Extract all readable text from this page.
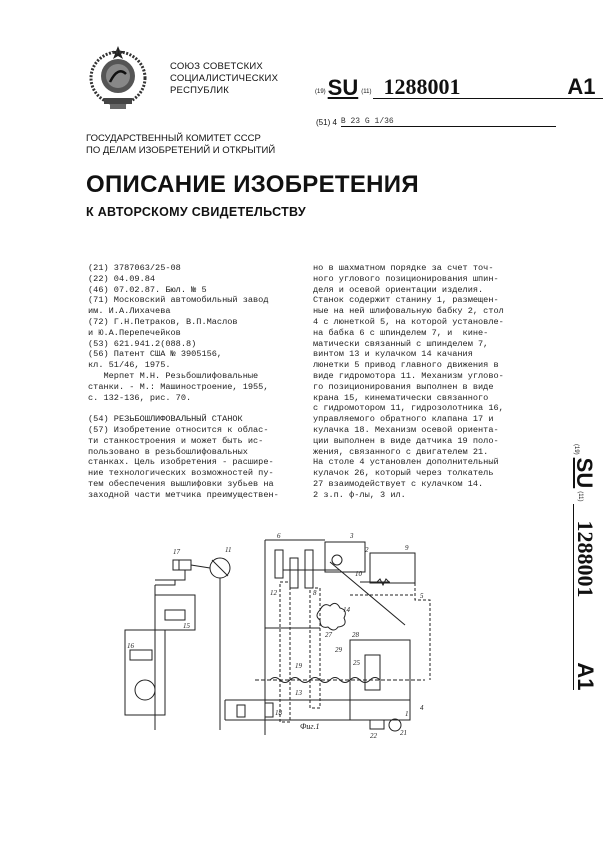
СОЮЗ СОВЕТСКИХ
СОЦИАЛИСТИЧЕСКИХ
РЕСПУБЛИК
ГОСУДАРСТВЕННЫЙ КОМИТЕТ СССР
ПО ДЕЛАМ ИЗОБРЕТЕНИЙ И ОТКРЫТИЙ
(19) SU (11) 1288001	A1
(51) 4 B 23 G 1/36
ОПИСАНИЕ ИЗОБРЕТЕНИЯ
К АВТОРСКОМУ СВИДЕТЕЛЬСТВУ
(21) 3787063/25-08
(22) 04.09.84
(46) 07.02.87. Бюл. № 5
(71) Московский автомобильный завод
им. И.А.Лихачева
(72) Г.Н.Петраков, В.П.Маслов
и Ю.А.Перепечейков
(53) 621.941.2(088.8)
(56) Патент США № 3905156,
кл. 51/46, 1975.
Мерпет М.Н. Резьбошлифовальные
станки. - М.: Машиностроение, 1955,
с. 132-136, рис. 70.

(54) РЕЗЬБОШЛИФОВАЛЬНЫЙ СТАНОК
(57) Изобретение относится к облас-
ти станкостроения и может быть ис-
пользовано в резьбошлифовальных
станках. Цель изобретения - расшире-
ние технологических возможностей пу-
тем обеспечения вышлифовки зубьев на
заходной части метчика преимуществен-
но в шахматном порядке за счет точ-
ного углового позиционирования шпин-
деля и осевой ориентации изделия.
Станок содержит станину 1, размещен-
ные на ней шлифовальную бабку 2, стол
4 с люнеткой 5, на которой установле-
на бабка 6 с шпинделем 7, и  кине-
матически связанный с шпинделем 7,
винтом 13 и кулачком 14 качания
люнетки 5 привод главного движения в
виде гидромотора 11. Механизм углово-
го позиционирования выполнен в виде
крана 15, кинематически связанного
с гидромотором 11, гидрозолотника 16,
управляемого обратного клапана 17 и
кулачка 18. Механизм осевой ориента-
ции выполнен в виде датчика 19 поло-
жения, связанного с двигателем 21.
На столе 4 установлен дополнительный
кулачок 26, который через толкатель
27 взаимодействует с кулачком 14.
2 з.п. ф-лы, 3 ил.
(19)
SU
(11)
1288001
A1
17	11
6	3
2	9
10
5
4
8
12
15
14
27	28
29
25
13
19
21
22
1
18
16
Фиг.1
